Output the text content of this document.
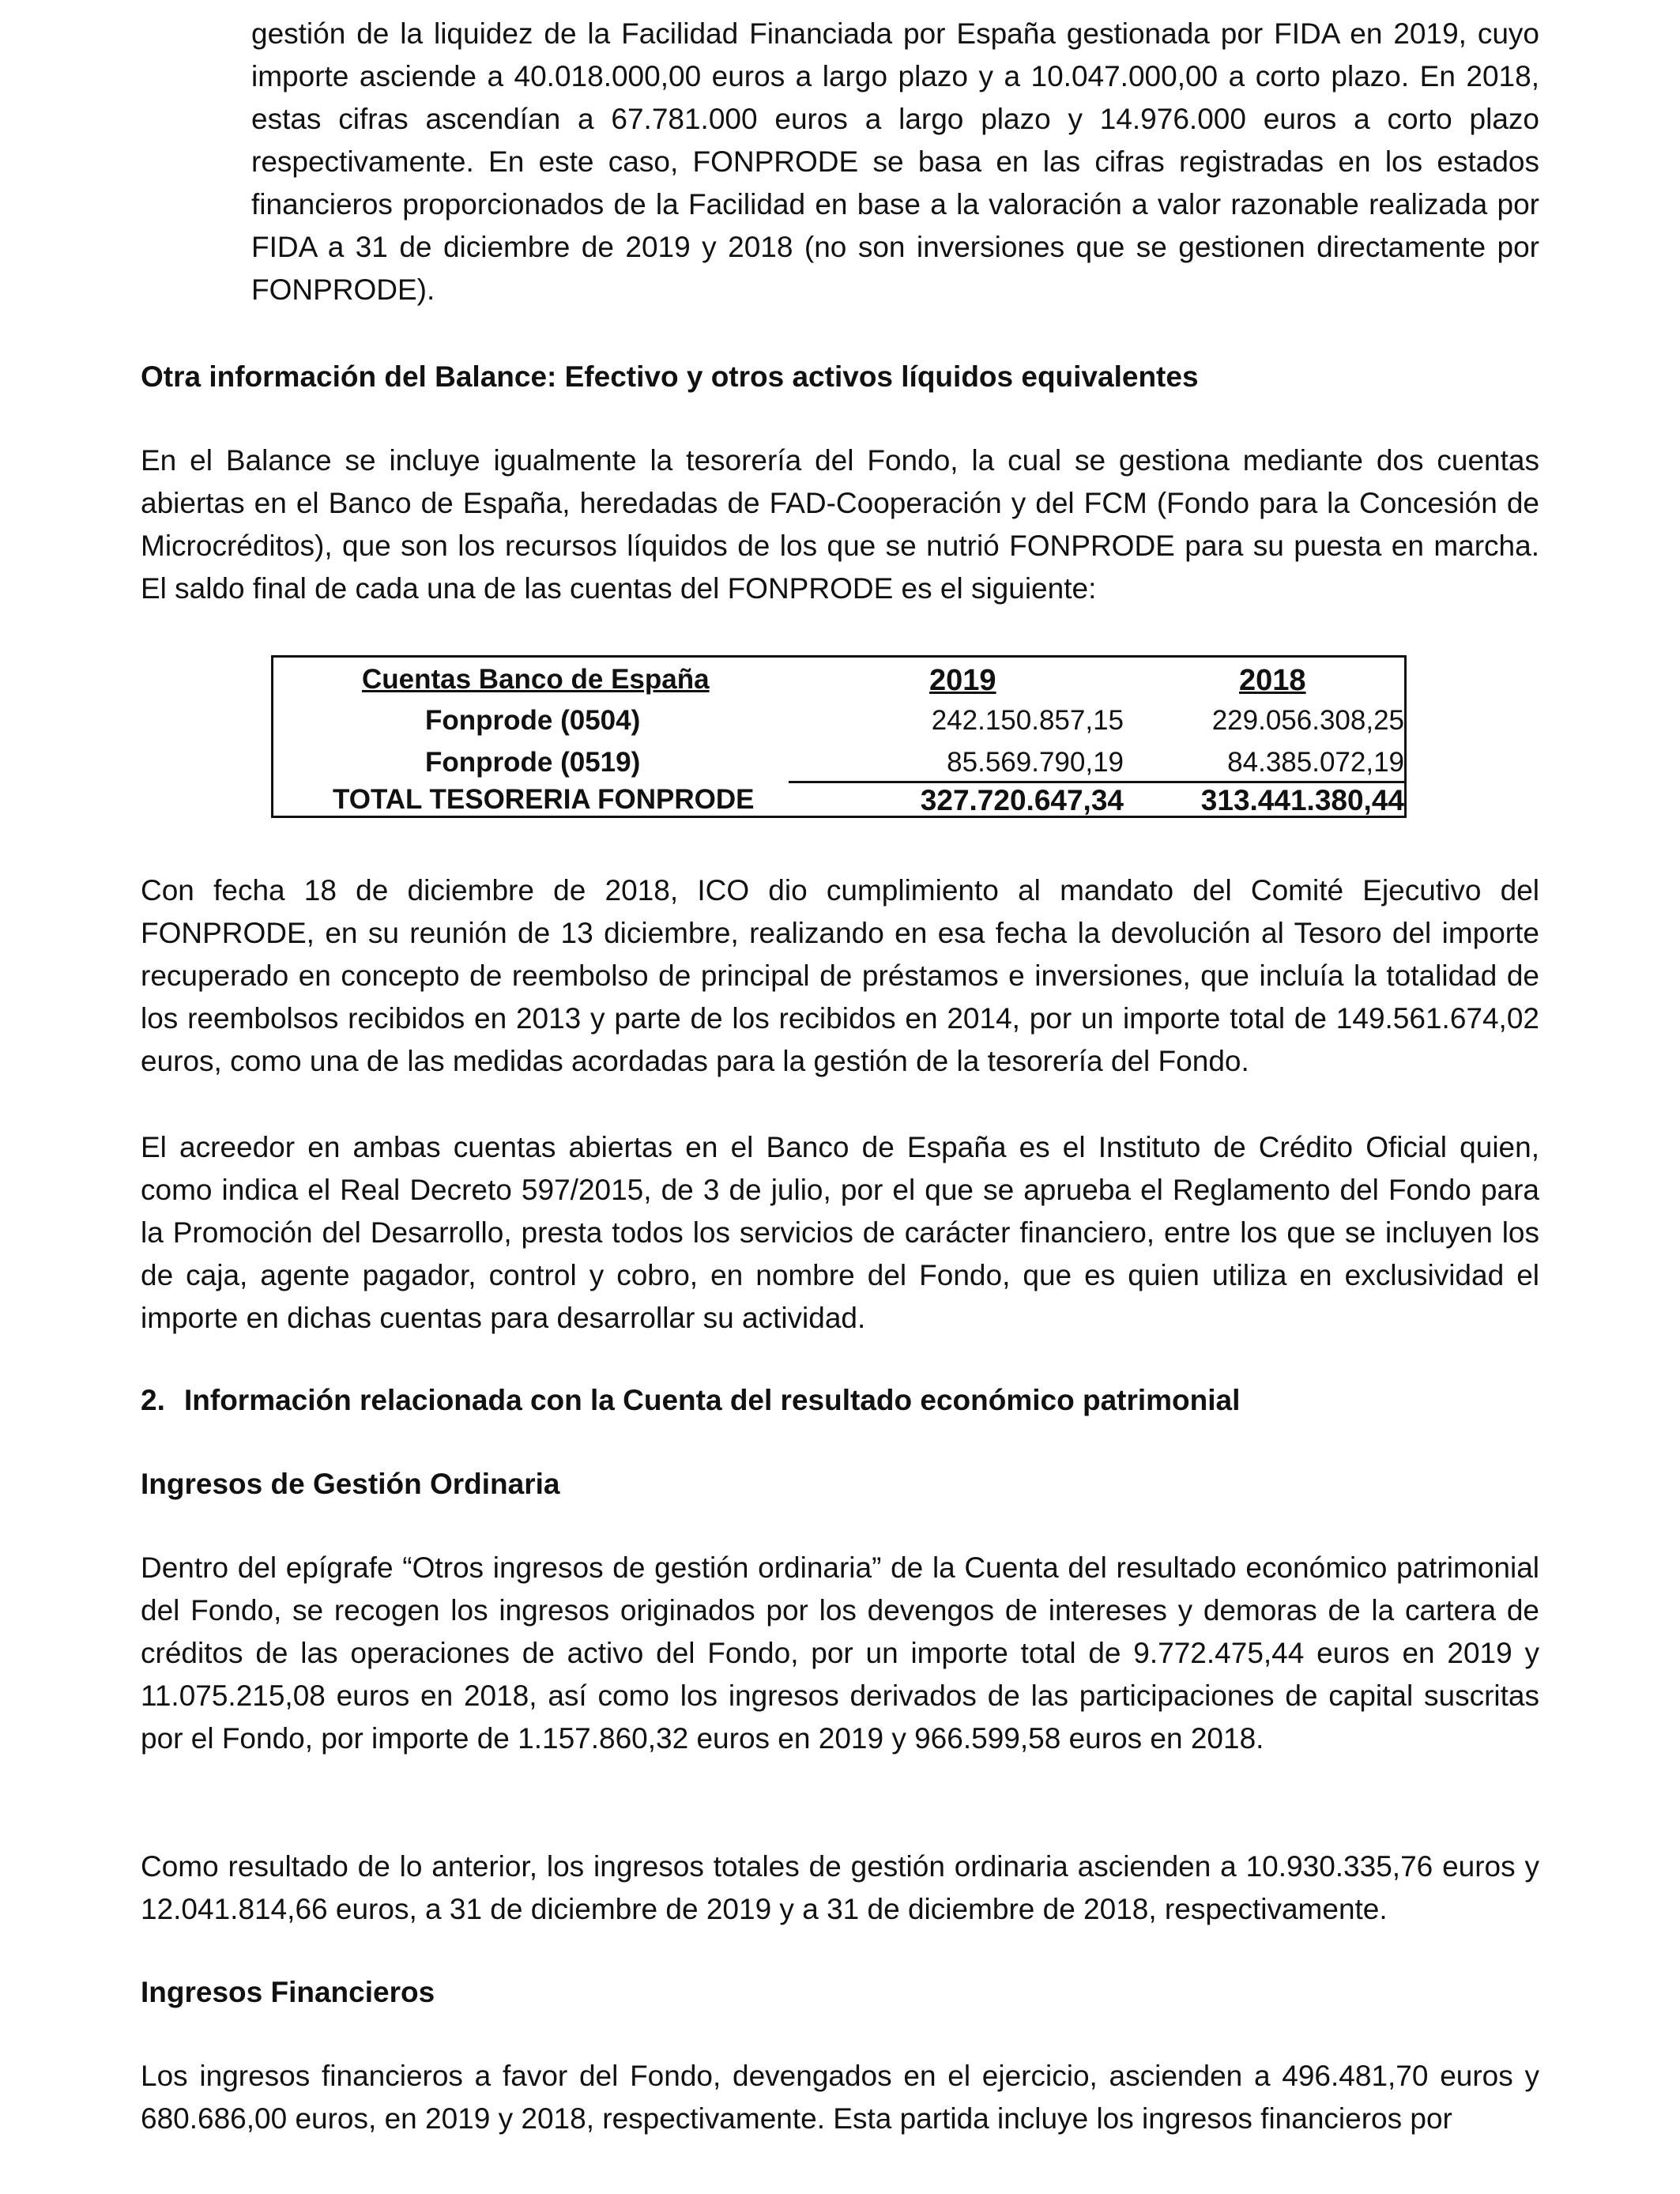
gestión de la liquidez de la Facilidad Financiada por España gestionada por FIDA en 2019, cuyo importe asciende a 40.018.000,00 euros a largo plazo y a 10.047.000,00 a corto plazo. En 2018, estas cifras ascendían a 67.781.000 euros a largo plazo y 14.976.000 euros a corto plazo respectivamente. En este caso, FONPRODE se basa en las cifras registradas en los estados financieros proporcionados de la Facilidad en base a la valoración a valor razonable realizada por FIDA a 31 de diciembre de 2019 y 2018 (no son inversiones que se gestionen directamente por FONPRODE).

Otra información del Balance: Efectivo y otros activos líquidos equivalentes

En el Balance se incluye igualmente la tesorería del Fondo, la cual se gestiona mediante dos cuentas abiertas en el Banco de España, heredadas de FAD-Cooperación y del FCM (Fondo para la Concesión de Microcréditos), que son los recursos líquidos de los que se nutrió FONPRODE para su puesta en marcha. El saldo final de cada una de las cuentas del FONPRODE es el siguiente:

Con fecha 18 de diciembre de 2018, ICO dio cumplimiento al mandato del Comité Ejecutivo del FONPRODE, en su reunión de 13 diciembre, realizando en esa fecha la devolución al Tesoro del importe recuperado en concepto de reembolso de principal de préstamos e inversiones, que incluía la totalidad de los reembolsos recibidos en 2013 y parte de los recibidos en 2014, por un importe total de 149.561.674,02 euros, como una de las medidas acordadas para la gestión de la tesorería del Fondo.

El acreedor en ambas cuentas abiertas en el Banco de España es el Instituto de Crédito Oficial quien, como indica el Real Decreto 597/2015, de 3 de julio, por el que se aprueba el Reglamento del Fondo para la Promoción del Desarrollo, presta todos los servicios de carácter financiero, entre los que se incluyen los de caja, agente pagador, control y cobro, en nombre del Fondo, que es quien utiliza en exclusividad el importe en dichas cuentas para desarrollar su actividad.

2. Información relacionada con la Cuenta del resultado económico patrimonial

Ingresos de Gestión Ordinaria

Dentro del epígrafe “Otros ingresos de gestión ordinaria” de la Cuenta del resultado económico patrimonial del Fondo, se recogen los ingresos originados por los devengos de intereses y demoras de la cartera de créditos de las operaciones de activo del Fondo, por un importe total de 9.772.475,44 euros en 2019 y 11.075.215,08 euros en 2018, así como los ingresos derivados de las participaciones de capital suscritas por el Fondo, por importe de 1.157.860,32 euros en 2019 y 966.599,58 euros en 2018.

Como resultado de lo anterior, los ingresos totales de gestión ordinaria ascienden a 10.930.335,76 euros y 12.041.814,66 euros, a 31 de diciembre de 2019 y a 31 de diciembre de 2018, respectivamente.

Ingresos Financieros

Los ingresos financieros a favor del Fondo, devengados en el ejercicio, ascienden a 496.481,70 euros y 680.686,00 euros, en 2019 y 2018, respectivamente. Esta partida incluye los ingresos financieros por

Cuentas Banco de España	2019	2018
Fonprode (0504)	242.150.857,15	229.056.308,25
Fonprode (0519)	85.569.790,19	84.385.072,19
TOTAL TESORERIA FONPRODE	327.720.647,34	313.441.380,44
